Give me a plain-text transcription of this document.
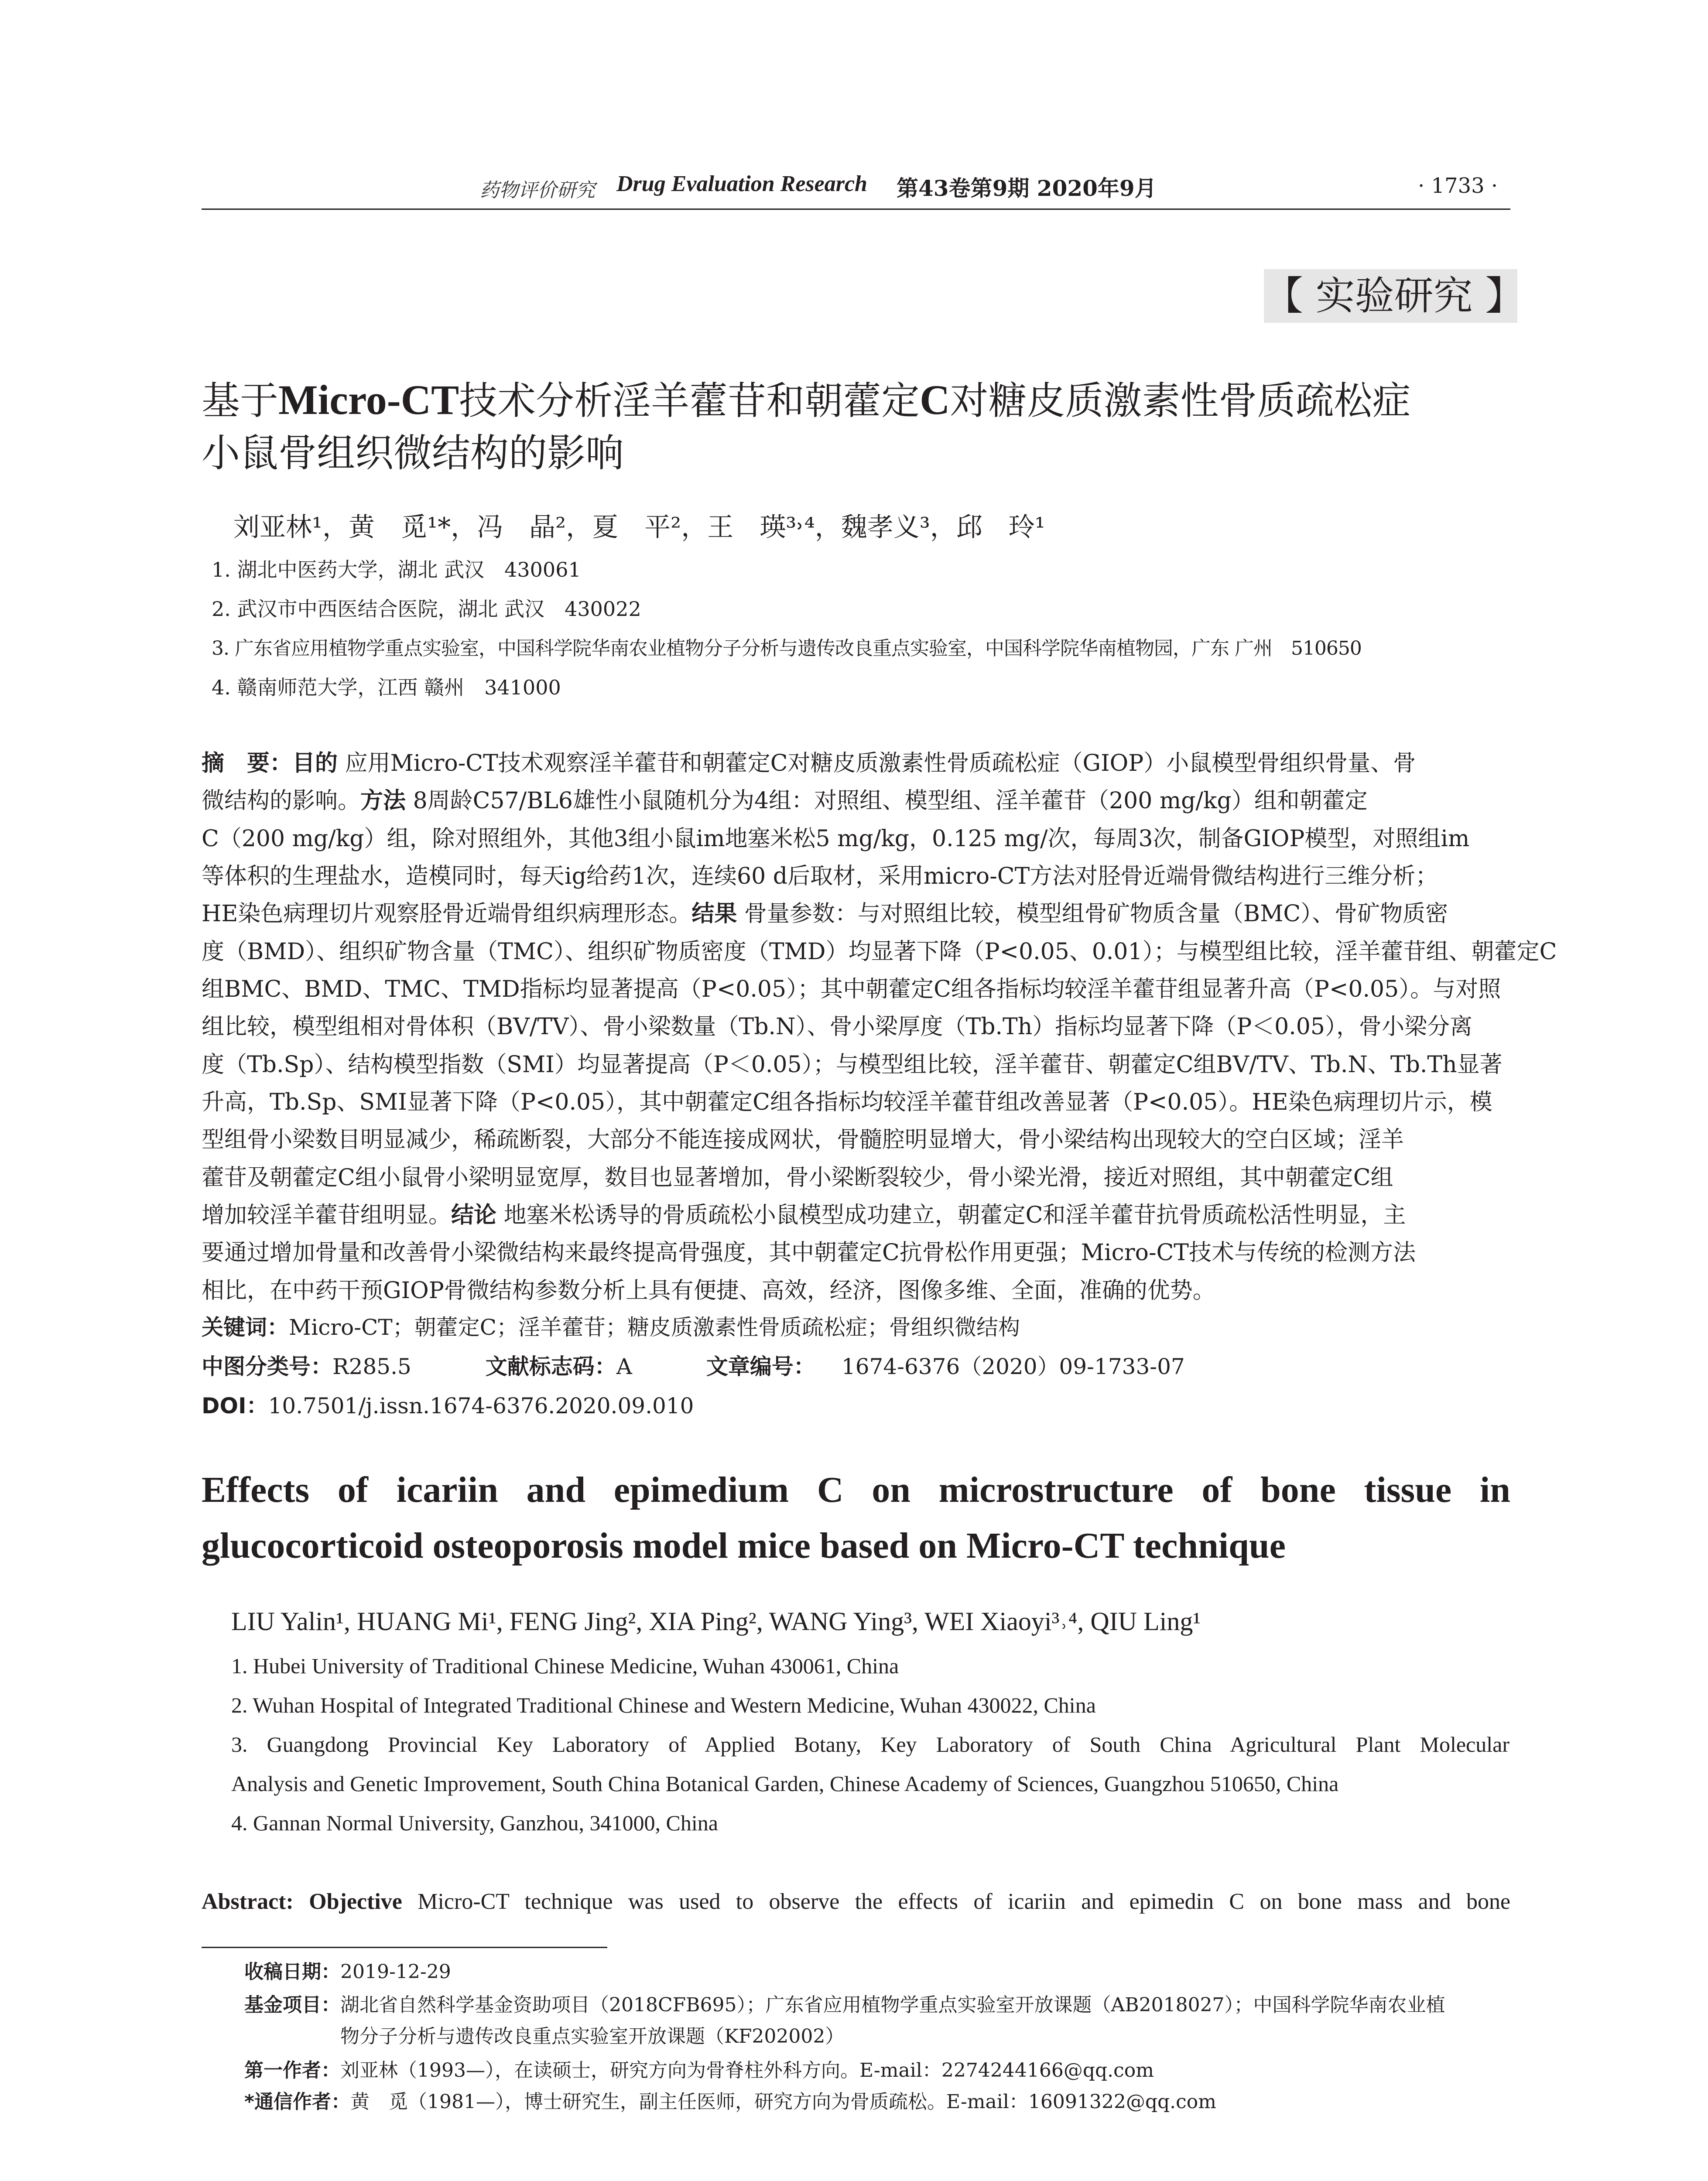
药物评价研究 Drug Evaluation Research 第43卷第9期 2020年9月	· 1733 ·
【 实验研究 】
基于Micro-CT技术分析淫羊藿苷和朝藿定C对糖皮质激素性骨质疏松症
小鼠骨组织微结构的影响
刘亚林¹，黄　觅¹*，冯　晶²，夏　平²，王　瑛³˒⁴，魏孝义³，邱　玲¹
1. 湖北中医药大学，湖北 武汉　430061
2. 武汉市中西医结合医院，湖北 武汉　430022
3. 广东省应用植物学重点实验室，中国科学院华南农业植物分子分析与遗传改良重点实验室，中国科学院华南植物园，广东 广州　510650
4. 赣南师范大学，江西 赣州　341000
摘　要：目的 应用Micro-CT技术观察淫羊藿苷和朝藿定C对糖皮质激素性骨质疏松症（GIOP）小鼠模型骨组织骨量、骨
微结构的影响。方法 8周龄C57/BL6雄性小鼠随机分为4组：对照组、模型组、淫羊藿苷（200 mg/kg）组和朝藿定
C（200 mg/kg）组，除对照组外，其他3组小鼠im地塞米松5 mg/kg，0.125 mg/次，每周3次，制备GIOP模型，对照组im
等体积的生理盐水，造模同时，每天ig给药1次，连续60 d后取材，采用micro-CT方法对胫骨近端骨微结构进行三维分析；
HE染色病理切片观察胫骨近端骨组织病理形态。结果 骨量参数：与对照组比较，模型组骨矿物质含量（BMC）、骨矿物质密
度（BMD）、组织矿物含量（TMC）、组织矿物质密度（TMD）均显著下降（P<0.05、0.01）；与模型组比较，淫羊藿苷组、朝藿定C
组BMC、BMD、TMC、TMD指标均显著提高（P<0.05）；其中朝藿定C组各指标均较淫羊藿苷组显著升高（P<0.05）。与对照
组比较，模型组相对骨体积（BV/TV）、骨小梁数量（Tb.N）、骨小梁厚度（Tb.Th）指标均显著下降（P＜0.05），骨小梁分离
度（Tb.Sp）、结构模型指数（SMI）均显著提高（P＜0.05）；与模型组比较，淫羊藿苷、朝藿定C组BV/TV、Tb.N、Tb.Th显著
升高，Tb.Sp、SMI显著下降（P<0.05），其中朝藿定C组各指标均较淫羊藿苷组改善显著（P<0.05）。HE染色病理切片示，模
型组骨小梁数目明显减少，稀疏断裂，大部分不能连接成网状，骨髓腔明显增大，骨小梁结构出现较大的空白区域；淫羊
藿苷及朝藿定C组小鼠骨小梁明显宽厚，数目也显著增加，骨小梁断裂较少，骨小梁光滑，接近对照组，其中朝藿定C组
增加较淫羊藿苷组明显。结论 地塞米松诱导的骨质疏松小鼠模型成功建立，朝藿定C和淫羊藿苷抗骨质疏松活性明显，主
要通过增加骨量和改善骨小梁微结构来最终提高骨强度，其中朝藿定C抗骨松作用更强；Micro-CT技术与传统的检测方法
相比，在中药干预GIOP骨微结构参数分析上具有便捷、高效，经济，图像多维、全面，准确的优势。
关键词：Micro-CT；朝藿定C；淫羊藿苷；糖皮质激素性骨质疏松症；骨组织微结构
中图分类号：R285.5	文献标志码：A	文章编号： 1674-6376（2020）09-1733-07
DOI：10.7501/j.issn.1674-6376.2020.09.010
Effects of icariin and epimedium C on microstructure of bone tissue in
glucocorticoid osteoporosis model mice based on Micro-CT technique
LIU Yalin¹, HUANG Mi¹, FENG Jing², XIA Ping², WANG Ying³, WEI Xiaoyi³˒⁴, QIU Ling¹
1. Hubei University of Traditional Chinese Medicine, Wuhan 430061, China
2. Wuhan Hospital of Integrated Traditional Chinese and Western Medicine, Wuhan 430022, China
3. Guangdong Provincial Key Laboratory of Applied Botany, Key Laboratory of South China Agricultural Plant Molecular
Analysis and Genetic Improvement, South China Botanical Garden, Chinese Academy of Sciences, Guangzhou 510650, China
4. Gannan Normal University, Ganzhou, 341000, China
Abstract: Objective Micro-CT technique was used to observe the effects of icariin and epimedin C on bone mass and bone
收稿日期：2019-12-29
基金项目：湖北省自然科学基金资助项目（2018CFB695）；广东省应用植物学重点实验室开放课题（AB2018027）；中国科学院华南农业植
物分子分析与遗传改良重点实验室开放课题（KF202002）
第一作者：刘亚林（1993—），在读硕士，研究方向为骨脊柱外科方向。E-mail：2274244166@qq.com
*通信作者：黄　觅（1981—），博士研究生，副主任医师，研究方向为骨质疏松。E-mail：16091322@qq.com
